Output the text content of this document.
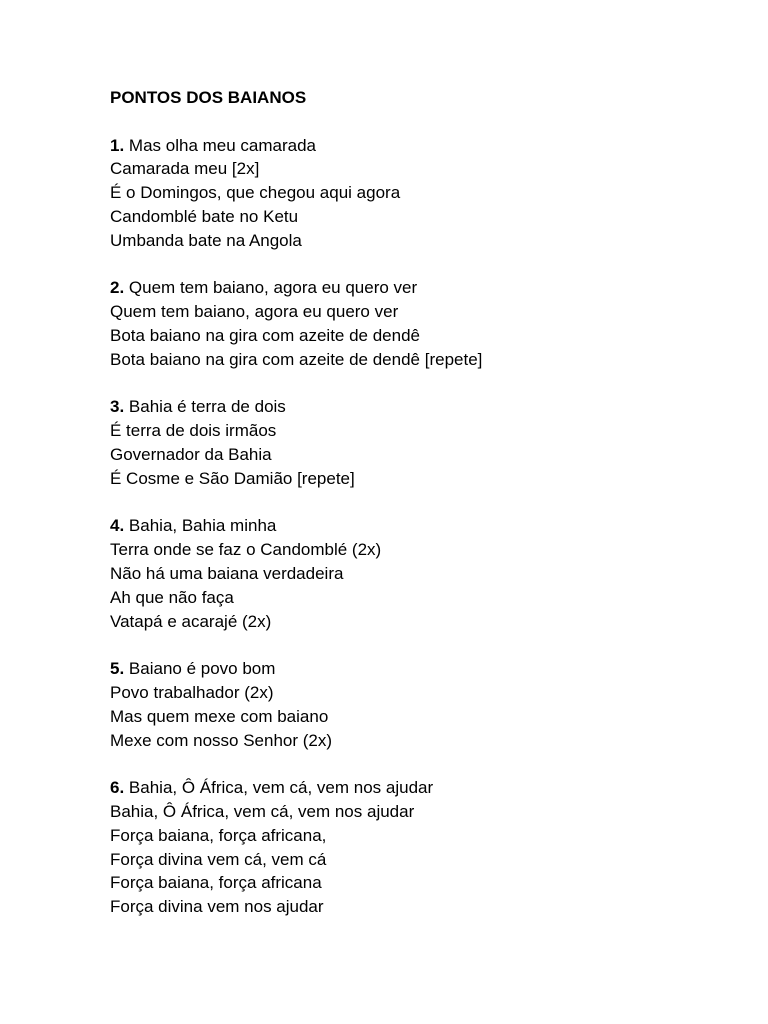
PONTOS DOS BAIANOS
1. Mas olha meu camarada
Camarada meu [2x]
É o Domingos, que chegou aqui agora
Candomblé bate no Ketu
Umbanda bate na Angola
2. Quem tem baiano, agora eu quero ver
Quem tem baiano, agora eu quero ver
Bota baiano na gira com azeite de dendê
Bota baiano na gira com azeite de dendê [repete]
3. Bahia é terra de dois
É terra de dois irmãos
Governador da Bahia
É Cosme e São Damião [repete]
4. Bahia, Bahia minha
Terra onde se faz o Candomblé (2x)
Não há uma baiana verdadeira
Ah que não faça
Vatapá e acarajé (2x)
5. Baiano é povo bom
Povo trabalhador (2x)
Mas quem mexe com baiano
Mexe com nosso Senhor (2x)
6. Bahia, Ô África, vem cá, vem nos ajudar
Bahia, Ô África, vem cá, vem nos ajudar
Força baiana, força africana,
Força divina vem cá, vem cá
Força baiana, força africana
Força divina vem nos ajudar
